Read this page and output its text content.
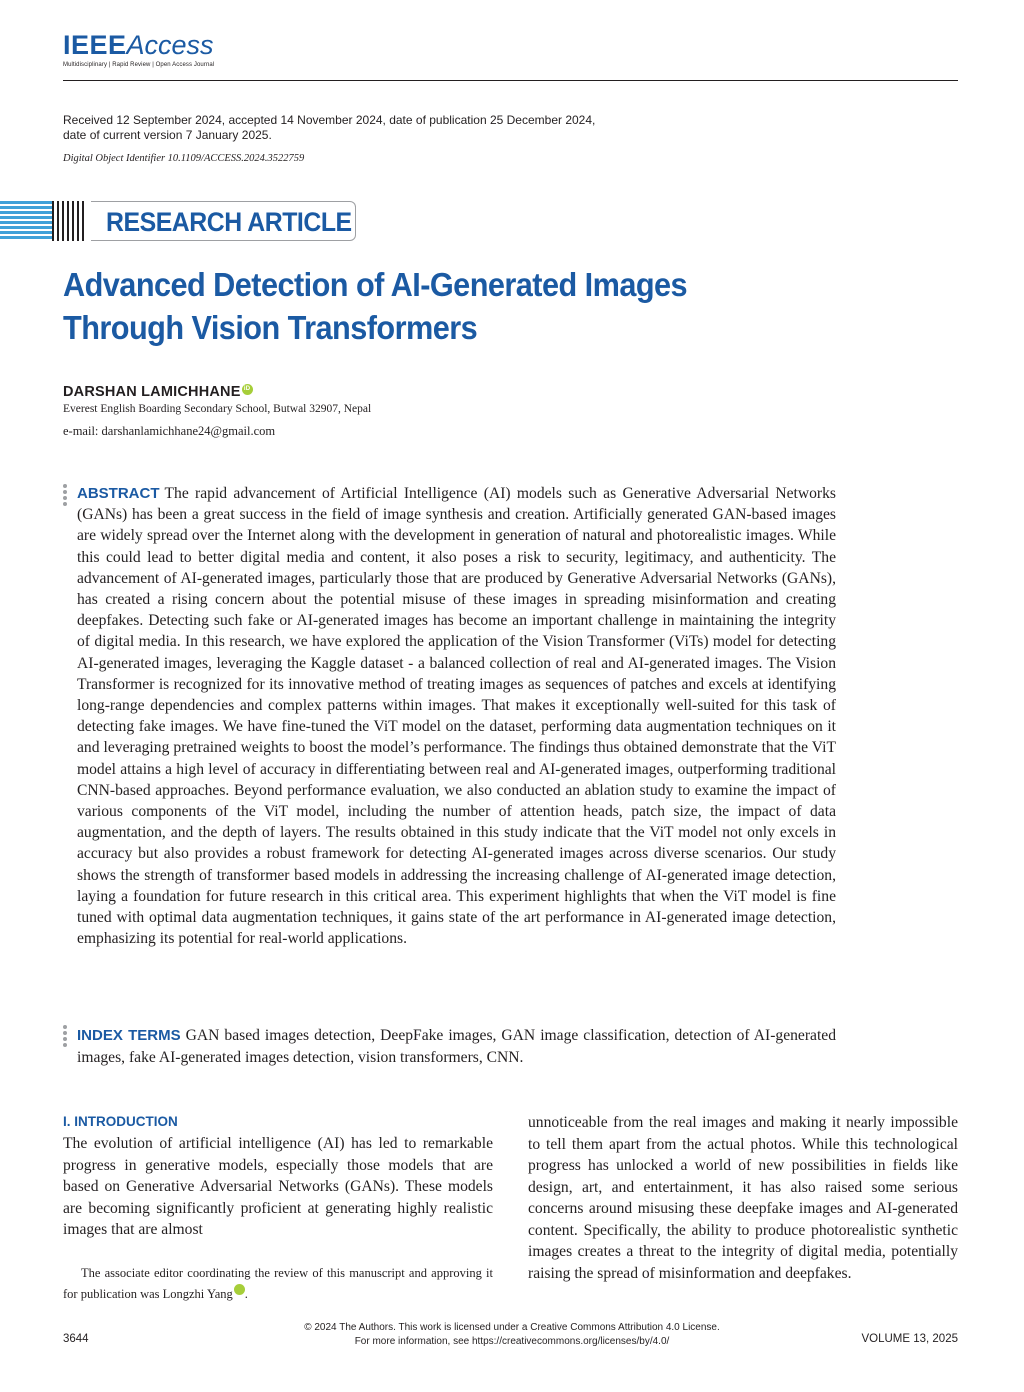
IEEEAccess
Multidisciplinary | Rapid Review | Open Access Journal
Received 12 September 2024, accepted 14 November 2024, date of publication 25 December 2024,
date of current version 7 January 2025.
Digital Object Identifier 10.1109/ACCESS.2024.3522759
RESEARCH ARTICLE
Advanced Detection of AI-Generated Images
Through Vision Transformers
DARSHAN LAMICHHANE iD
Everest English Boarding Secondary School, Butwal 32907, Nepal
e-mail: darshanlamichhane24@gmail.com
ABSTRACT The rapid advancement of Artificial Intelligence (AI) models such as Generative Adversarial Networks (GANs) has been a great success in the field of image synthesis and creation. Artificially generated GAN-based images are widely spread over the Internet along with the development in generation of natural and photorealistic images. While this could lead to better digital media and content, it also poses a risk to security, legitimacy, and authenticity. The advancement of AI-generated images, particularly those that are produced by Generative Adversarial Networks (GANs), has created a rising concern about the potential misuse of these images in spreading misinformation and creating deepfakes. Detecting such fake or AI-generated images has become an important challenge in maintaining the integrity of digital media. In this research, we have explored the application of the Vision Transformer (ViTs) model for detecting AI-generated images, leveraging the Kaggle dataset - a balanced collection of real and AI-generated images. The Vision Transformer is recognized for its innovative method of treating images as sequences of patches and excels at identifying long-range dependencies and complex patterns within images. That makes it exceptionally well-suited for this task of detecting fake images. We have fine-tuned the ViT model on the dataset, performing data augmentation techniques on it and leveraging pretrained weights to boost the model’s performance. The findings thus obtained demonstrate that the ViT model attains a high level of accuracy in differentiating between real and AI-generated images, outperforming traditional CNN-based approaches. Beyond performance evaluation, we also conducted an ablation study to examine the impact of various components of the ViT model, including the number of attention heads, patch size, the impact of data augmentation, and the depth of layers. The results obtained in this study indicate that the ViT model not only excels in accuracy but also provides a robust framework for detecting AI-generated images across diverse scenarios. Our study shows the strength of transformer based models in addressing the increasing challenge of AI-generated image detection, laying a foundation for future research in this critical area. This experiment highlights that when the ViT model is fine tuned with optimal data augmentation techniques, it gains state of the art performance in AI-generated image detection, emphasizing its potential for real-world applications.
INDEX TERMS GAN based images detection, DeepFake images, GAN image classification, detection of AI-generated images, fake AI-generated images detection, vision transformers, CNN.
I. INTRODUCTION
The evolution of artificial intelligence (AI) has led to remarkable progress in generative models, especially those models that are based on Generative Adversarial Networks (GANs). These models are becoming significantly proficient at generating highly realistic images that are almost
The associate editor coordinating the review of this manuscript and approving it for publication was Longzhi Yang	iD.
unnoticeable from the real images and making it nearly impossible to tell them apart from the actual photos. While this technological progress has unlocked a world of new possibilities in fields like design, art, and entertainment, it has also raised some serious concerns around misusing these deepfake images and AI-generated content. Specifically, the ability to produce photorealistic synthetic images creates a threat to the integrity of digital media, potentially raising the spread of misinformation and deepfakes.
3644
© 2024 The Authors. This work is licensed under a Creative Commons Attribution 4.0 License.
For more information, see https://creativecommons.org/licenses/by/4.0/	VOLUME 13, 2025
